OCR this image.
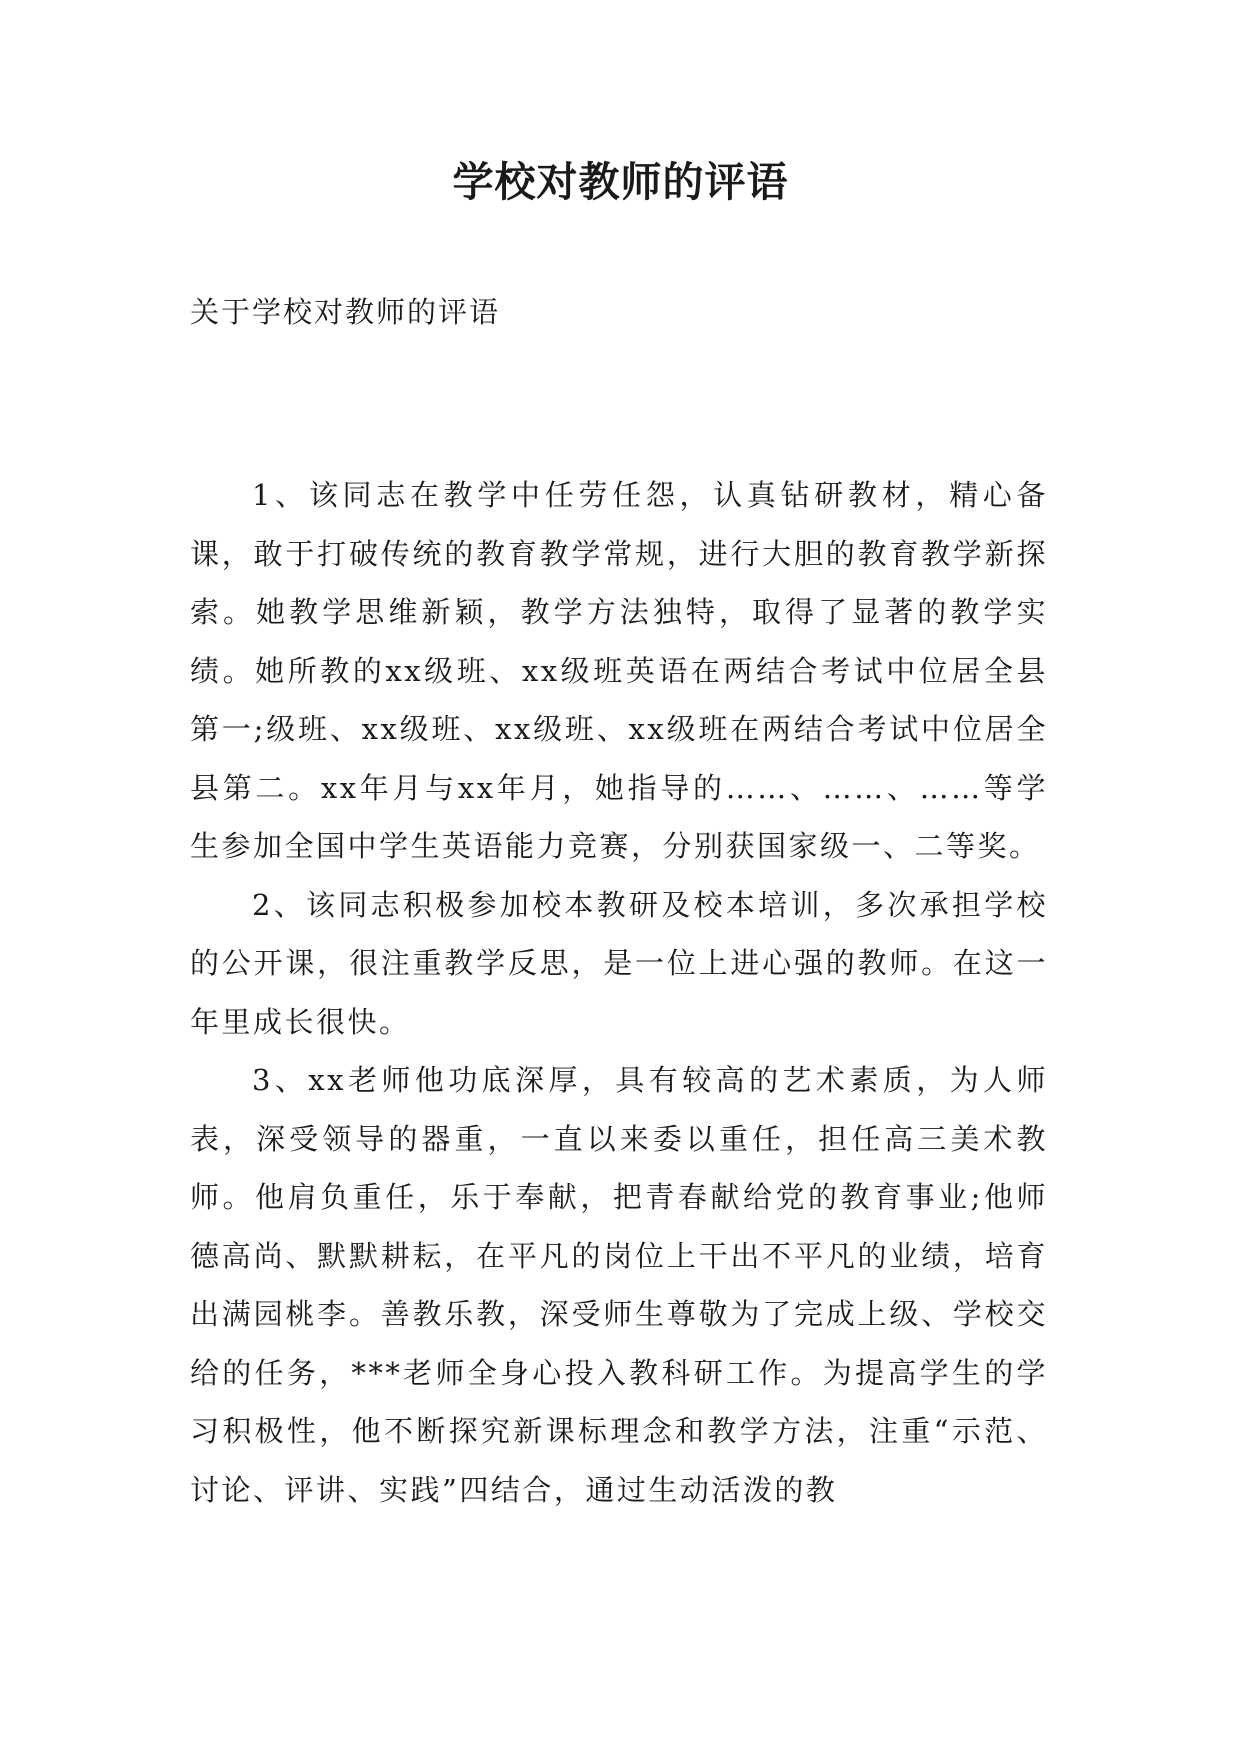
学校对教师的评语

关于学校对教师的评语

1、该同志在教学中任劳任怨，认真钻研教材，精心备课，敢于打破传统的教育教学常规，进行大胆的教育教学新探索。她教学思维新颖，教学方法独特，取得了显著的教学实绩。她所教的xx级班、xx级班英语在两结合考试中位居全县第一;级班、xx级班、xx级班、xx级班在两结合考试中位居全县第二。xx年月与xx年月，她指导的……、……、……等学生参加全国中学生英语能力竞赛，分别获国家级一、二等奖。

2、该同志积极参加校本教研及校本培训，多次承担学校的公开课，很注重教学反思，是一位上进心强的教师。在这一年里成长很快。

3、xx老师他功底深厚，具有较高的艺术素质，为人师表，深受领导的器重，一直以来委以重任，担任高三美术教师。他肩负重任，乐于奉献，把青春献给党的教育事业;他师德高尚、默默耕耘，在平凡的岗位上干出不平凡的业绩，培育出满园桃李。善教乐教，深受师生尊敬为了完成上级、学校交给的任务，***老师全身心投入教科研工作。为提高学生的学习积极性，他不断探究新课标理念和教学方法，注重“示范、讨论、评讲、实践”四结合，通过生动活泼的教
